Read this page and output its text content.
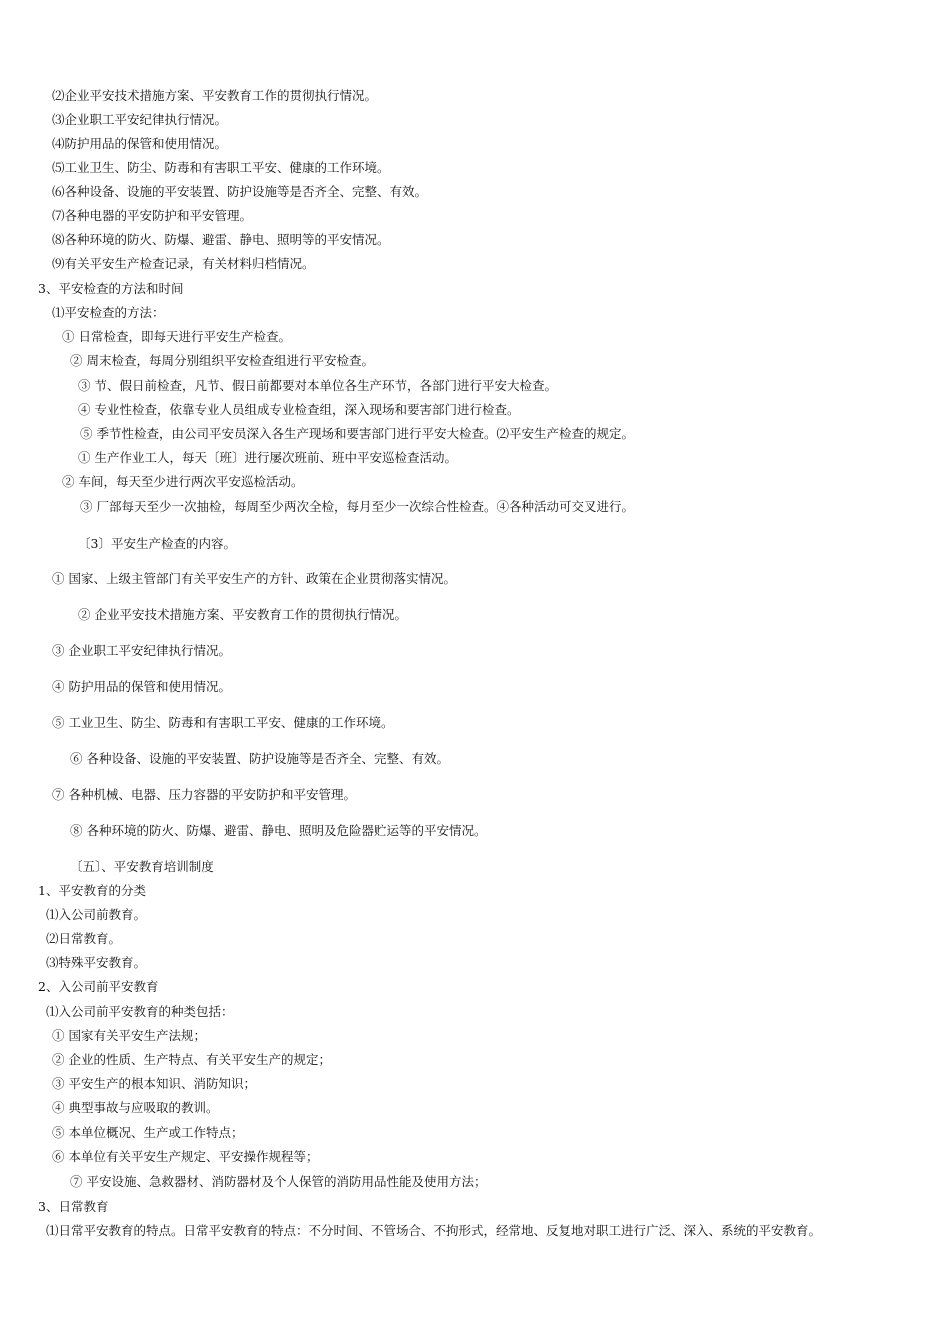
⑵企业平安技术措施方案、平安教育工作的贯彻执行情况。
⑶企业职工平安纪律执行情况。
⑷防护用品的保管和使用情况。
⑸工业卫生、防尘、防毒和有害职工平安、健康的工作环境。
⑹各种设备、设施的平安装置、防护设施等是否齐全、完整、有效。
⑺各种电器的平安防护和平安管理。
⑻各种环境的防火、防爆、避雷、静电、照明等的平安情况。
⑼有关平安生产检查记录，有关材料归档情况。
3、平安检查的方法和时间
⑴平安检查的方法：
① 日常检查，即每天进行平安生产检查。
② 周末检查，每周分别组织平安检查组进行平安检查。
③ 节、假日前检查，凡节、假日前都要对本单位各生产环节，各部门进行平安大检查。
④ 专业性检查，依靠专业人员组成专业检查组，深入现场和要害部门进行检查。
⑤ 季节性检查，由公司平安员深入各生产现场和要害部门进行平安大检查。⑵平安生产检查的规定。
① 生产作业工人，每天〔班〕进行屡次班前、班中平安巡检查活动。
② 车间，每天至少进行两次平安巡检活动。
③ 厂部每天至少一次抽检，每周至少两次全检，每月至少一次综合性检查。④各种活动可交叉进行。
〔3〕平安生产检查的内容。
① 国家、上级主管部门有关平安生产的方针、政策在企业贯彻落实情况。
② 企业平安技术措施方案、平安教育工作的贯彻执行情况。
③ 企业职工平安纪律执行情况。
④ 防护用品的保管和使用情况。
⑤ 工业卫生、防尘、防毒和有害职工平安、健康的工作环境。
⑥ 各种设备、设施的平安装置、防护设施等是否齐全、完整、有效。
⑦ 各种机械、电器、压力容器的平安防护和平安管理。
⑧ 各种环境的防火、防爆、避雷、静电、照明及危险器贮运等的平安情况。
〔五〕、平安教育培训制度
1、平安教育的分类
⑴入公司前教育。
⑵日常教育。
⑶特殊平安教育。
2、入公司前平安教育
⑴入公司前平安教育的种类包括：
① 国家有关平安生产法规；
② 企业的性质、生产特点、有关平安生产的规定；
③ 平安生产的根本知识、消防知识；
④ 典型事故与应吸取的教训。
⑤ 本单位概况、生产或工作特点；
⑥ 本单位有关平安生产规定、平安操作规程等；
⑦ 平安设施、急救器材、消防器材及个人保管的消防用品性能及使用方法；
3、日常教育
⑴日常平安教育的特点。日常平安教育的特点：不分时间、不管场合、不拘形式，经常地、反复地对职工进行广泛、深入、系统的平安教育。
